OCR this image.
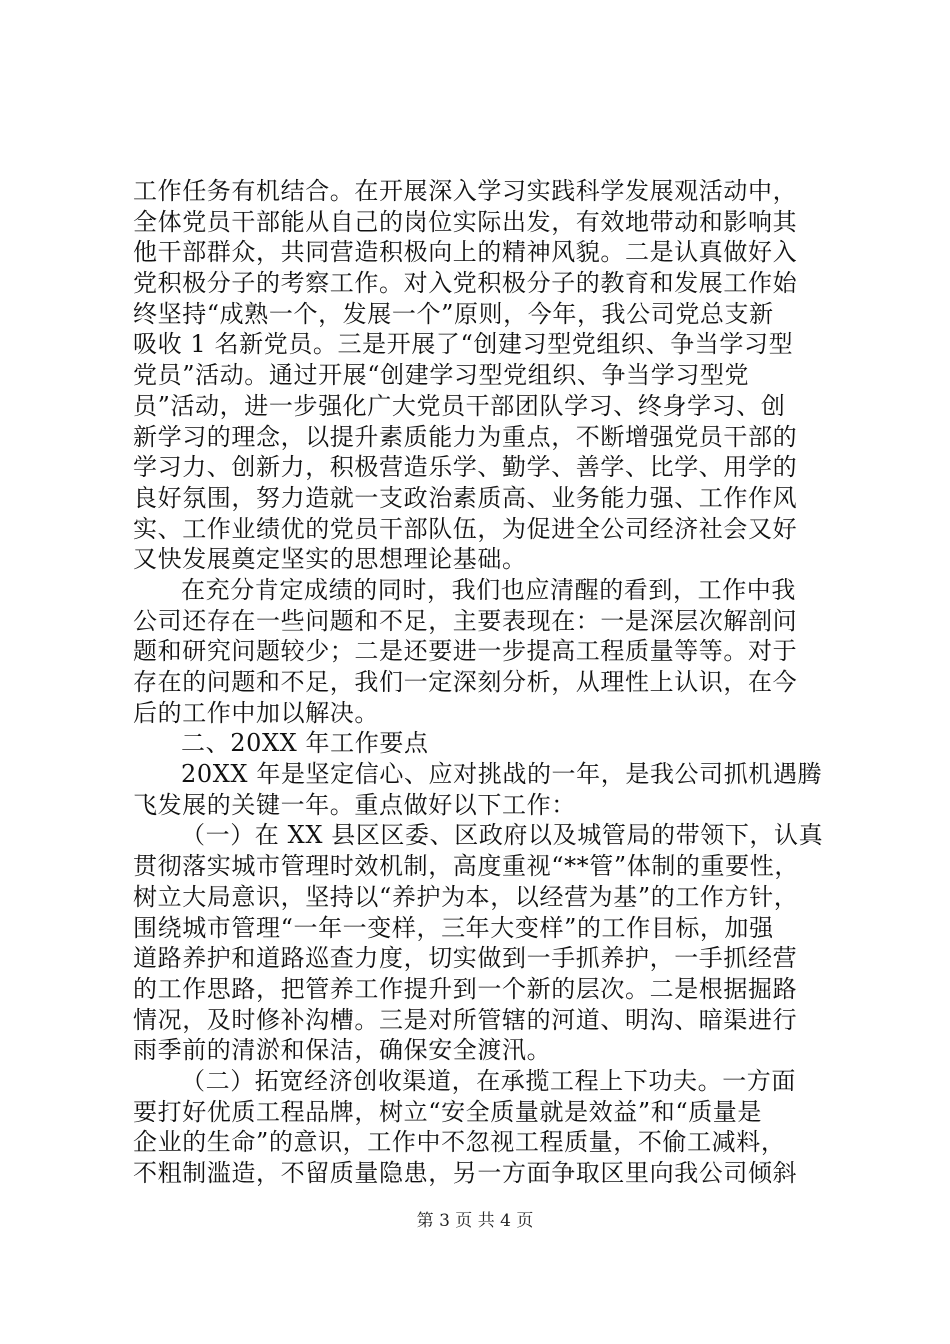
工作任务有机结合。在开展深入学习实践科学发展观活动中，
全体党员干部能从自己的岗位实际出发，有效地带动和影响其
他干部群众，共同营造积极向上的精神风貌。二是认真做好入
党积极分子的考察工作。对入党积极分子的教育和发展工作始
终坚持“成熟一个，发展一个”原则，今年，我公司党总支新
吸收 1 名新党员。三是开展了“创建习型党组织、争当学习型
党员”活动。通过开展“创建学习型党组织、争当学习型党
员”活动，进一步强化广大党员干部团队学习、终身学习、创
新学习的理念，以提升素质能力为重点，不断增强党员干部的
学习力、创新力，积极营造乐学、勤学、善学、比学、用学的
良好氛围，努力造就一支政治素质高、业务能力强、工作作风
实、工作业绩优的党员干部队伍，为促进全公司经济社会又好
又快发展奠定坚实的思想理论基础。
在充分肯定成绩的同时，我们也应清醒的看到，工作中我
公司还存在一些问题和不足，主要表现在：一是深层次解剖问
题和研究问题较少；二是还要进一步提高工程质量等等。对于
存在的问题和不足，我们一定深刻分析，从理性上认识，在今
后的工作中加以解决。
二、20XX 年工作要点
20XX 年是坚定信心、应对挑战的一年，是我公司抓机遇腾
飞发展的关键一年。重点做好以下工作：
（一）在 XX 县区区委、区政府以及城管局的带领下，认真
贯彻落实城市管理时效机制，高度重视“**管”体制的重要性，
树立大局意识，坚持以“养护为本，以经营为基”的工作方针，
围绕城市管理“一年一变样，三年大变样”的工作目标，加强
道路养护和道路巡查力度，切实做到一手抓养护，一手抓经营
的工作思路，把管养工作提升到一个新的层次。二是根据掘路
情况，及时修补沟槽。三是对所管辖的河道、明沟、暗渠进行
雨季前的清淤和保洁，确保安全渡汛。
（二）拓宽经济创收渠道，在承揽工程上下功夫。一方面
要打好优质工程品牌，树立“安全质量就是效益”和“质量是
企业的生命”的意识，工作中不忽视工程质量，不偷工减料，
不粗制滥造，不留质量隐患，另一方面争取区里向我公司倾斜
第 3 页 共 4 页
